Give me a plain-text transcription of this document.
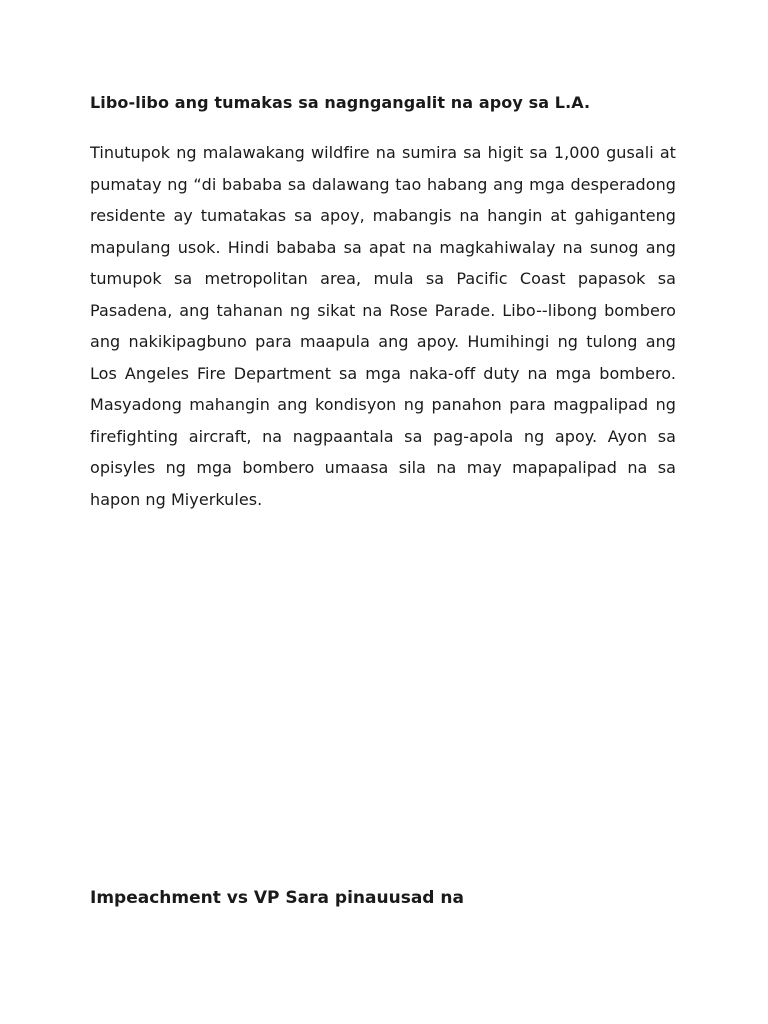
Libo-libo ang tumakas sa nagngangalit na apoy sa L.A.

Tinutupok ng malawakang wildfire na sumira sa higit sa 1,000 gusali at pumatay ng “di bababa sa dalawang tao habang ang mga desperadong residente ay tumatakas sa apoy, mabangis na hangin at gahiganteng mapulang usok. Hindi bababa sa apat na magkahiwalay na sunog ang tumupok sa metropolitan area, mula sa Pacific Coast papasok sa Pasadena, ang tahanan ng sikat na Rose Parade. Libo--libong bombero ang nakikipagbuno para maapula ang apoy. Humihingi ng tulong ang Los Angeles Fire Department sa mga naka-off duty na mga bombero. Masyadong mahangin ang kondisyon ng panahon para magpalipad ng firefighting aircraft, na nagpaantala sa pag-apola ng apoy. Ayon sa opisyles ng mga bombero umaasa sila na may mapapalipad na sa hapon ng Miyerkules.

Impeachment vs VP Sara pinauusad na
